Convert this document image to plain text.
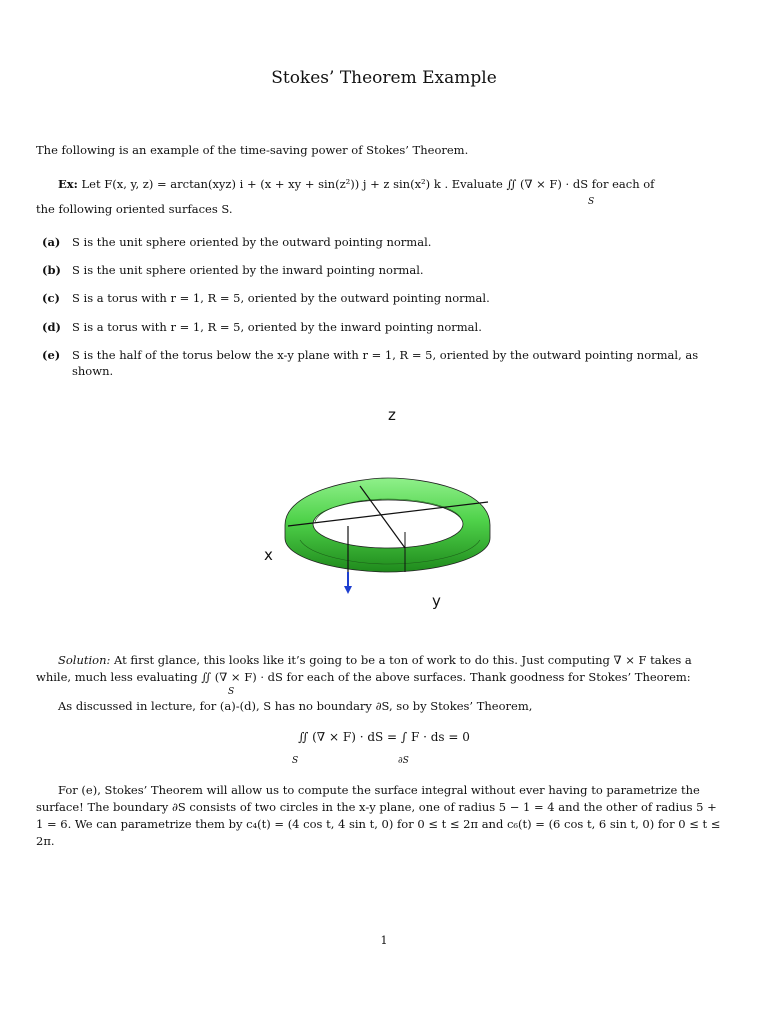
Stokes’ Theorem Example
The following is an example of the time-saving power of Stokes’ Theorem.
Ex: Let F(x, y, z) = arctan(xyz) i + (x + xy + sin(z²)) j + z sin(x²) k . Evaluate ∬ (∇ × F) · dS for each of
the following oriented surfaces S.	S
(a)	S is the unit sphere oriented by the outward pointing normal.
(b) S is the unit sphere oriented by the inward pointing normal.
(c)	S is a torus with r = 1, R = 5, oriented by the outward pointing normal.
(d) S is a torus with r = 1, R = 5, oriented by the inward pointing normal.
(e)	S is the half of the torus below the x-y plane with r = 1, R = 5, oriented by the outward pointing normal, as shown.
z
x
y
Solution: At first glance, this looks like it’s going to be a ton of work to do this. Just computing ∇ × F takes a while, much less evaluating ∬ (∇ × F) · dS for each of the above surfaces. Thank goodness for Stokes’ Theorem:
S
As discussed in lecture, for (a)-(d), S has no boundary ∂S, so by Stokes’ Theorem,
∬ (∇ × F) · dS = ∫ F · ds = 0
S	∂S
For (e), Stokes’ Theorem will allow us to compute the surface integral without ever having to parametrize the surface! The boundary ∂S consists of two circles in the x-y plane, one of radius 5 − 1 = 4 and the other of radius 5 + 1 = 6. We can parametrize them by c₄(t) = (4 cos t, 4 sin t, 0) for 0 ≤ t ≤ 2π and c₆(t) = (6 cos t, 6 sin t, 0) for 0 ≤ t ≤ 2π.
1
